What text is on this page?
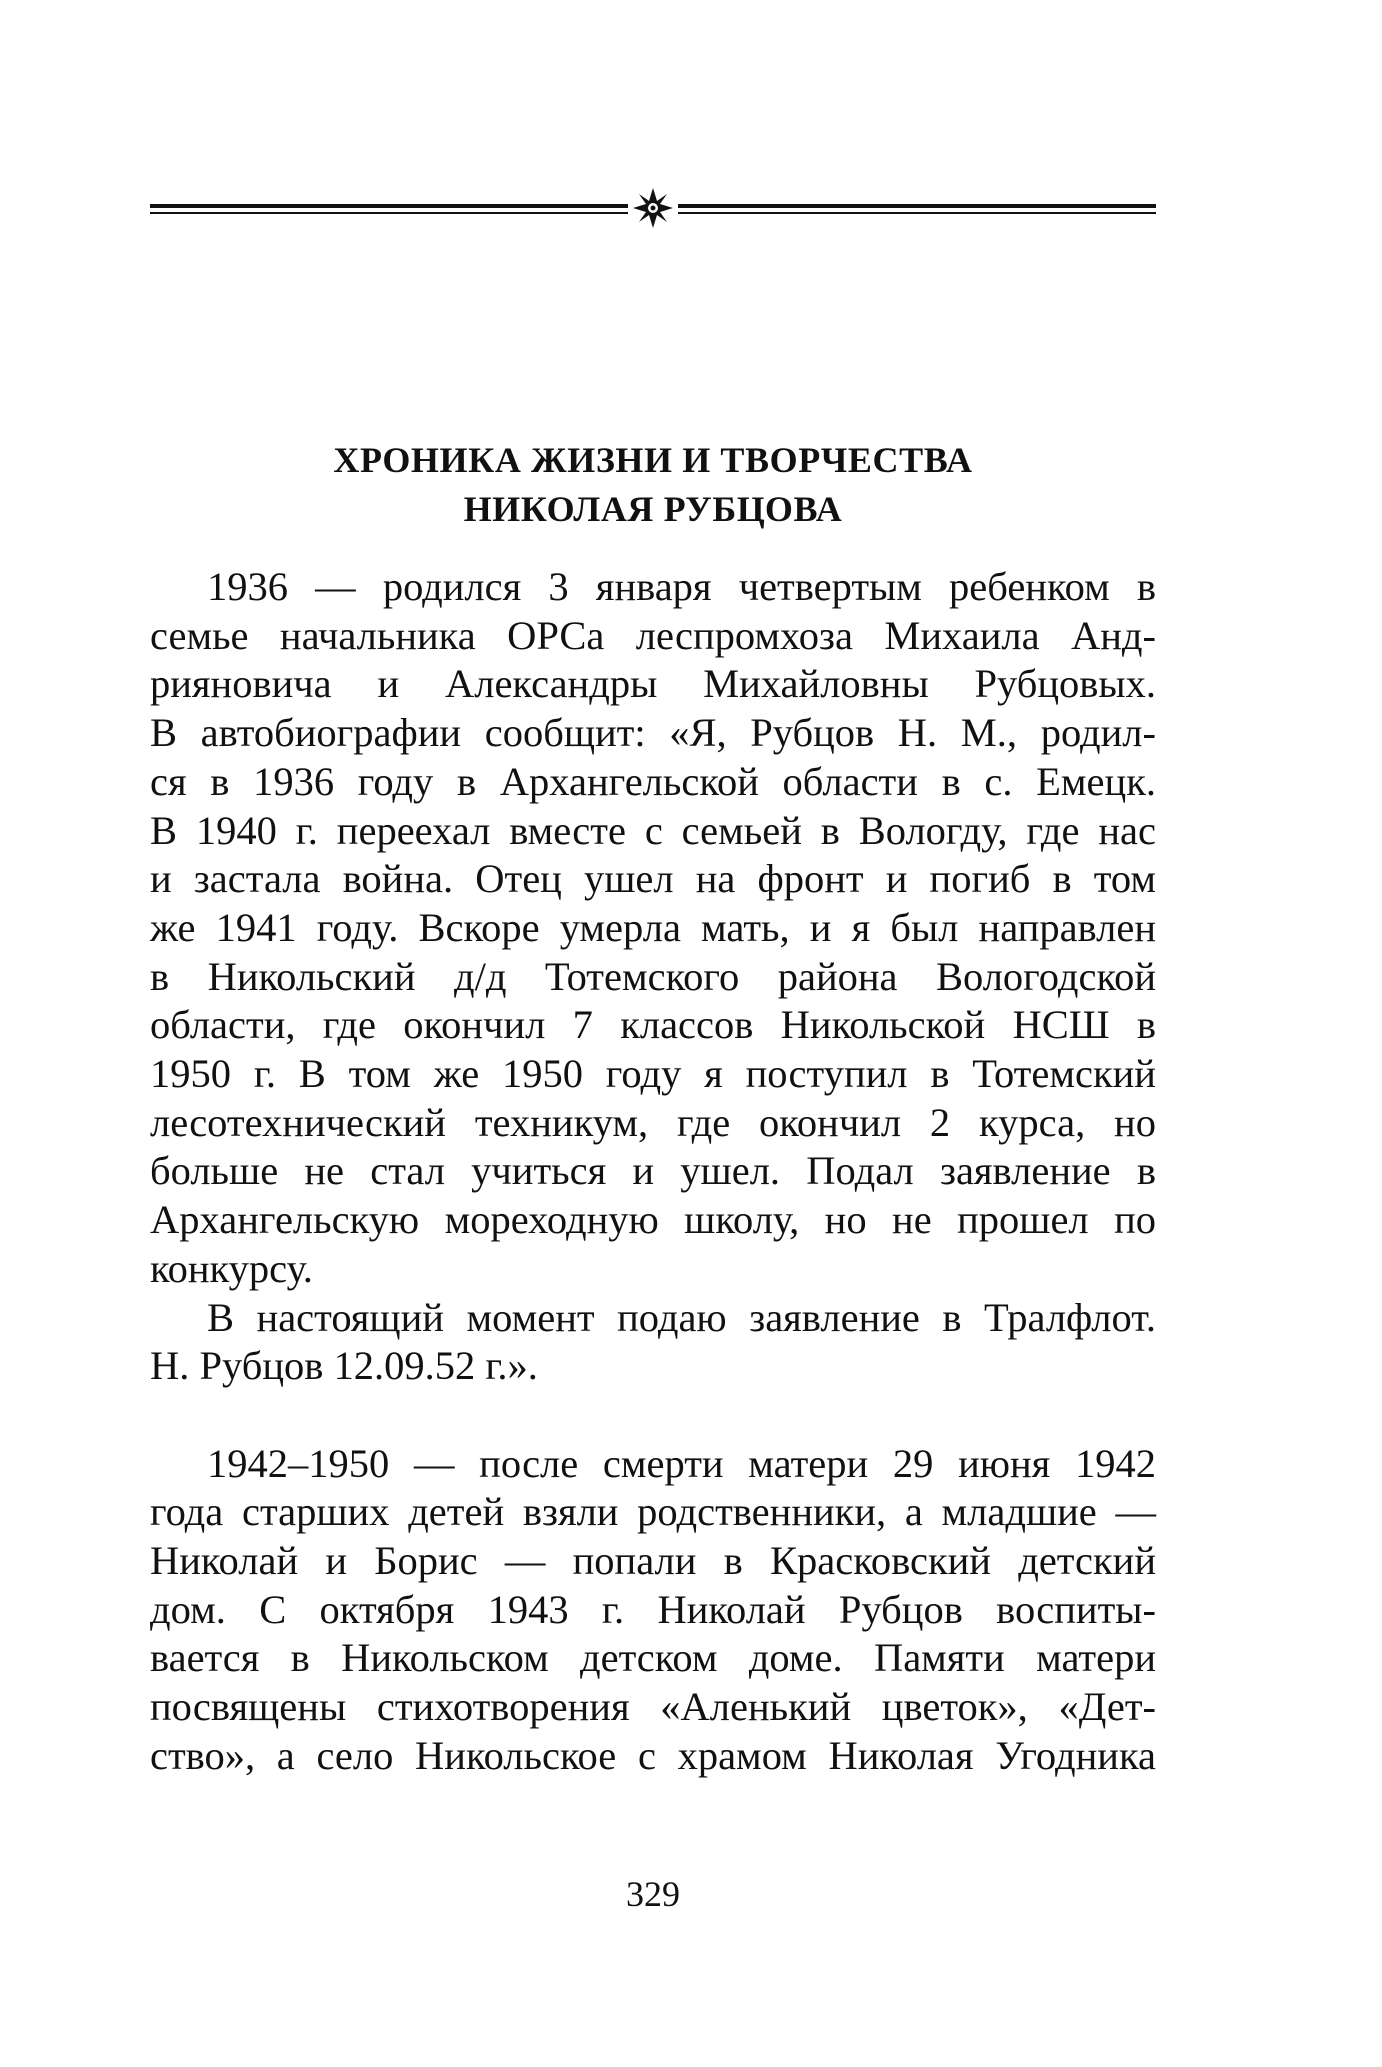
ХРОНИКА ЖИЗНИ И ТВОРЧЕСТВА
НИКОЛАЯ РУБЦОВА

1936 — родился 3 января четвертым ребенком в
семье начальника ОРСа леспромхоза Михаила Анд-
рияновича и Александры Михайловны Рубцовых.
В автобиографии сообщит: «Я, Рубцов Н. М., родил-
ся в 1936 году в Архангельской области в с. Емецк.
В 1940 г. переехал вместе с семьей в Вологду, где нас
и застала война. Отец ушел на фронт и погиб в том
же 1941 году. Вскоре умерла мать, и я был направлен
в Никольский д/д Тотемского района Вологодской
области, где окончил 7 классов Никольской НСШ в
1950 г. В том же 1950 году я поступил в Тотемский
лесотехнический техникум, где окончил 2 курса, но
больше не стал учиться и ушел. Подал заявление в
Архангельскую мореходную школу, но не прошел по
конкурсу.

В настоящий момент подаю заявление в Тралфлот.
Н. Рубцов 12.09.52 г.».

1942–1950 — после смерти матери 29 июня 1942
года старших детей взяли родственники, а младшие —
Николай и Борис — попали в Красковский детский
дом. С октября 1943 г. Николай Рубцов воспиты-
вается в Никольском детском доме. Памяти матери
посвящены стихотворения «Аленький цветок», «Дет-
ство», а село Никольское с храмом Николая Угодника

329
